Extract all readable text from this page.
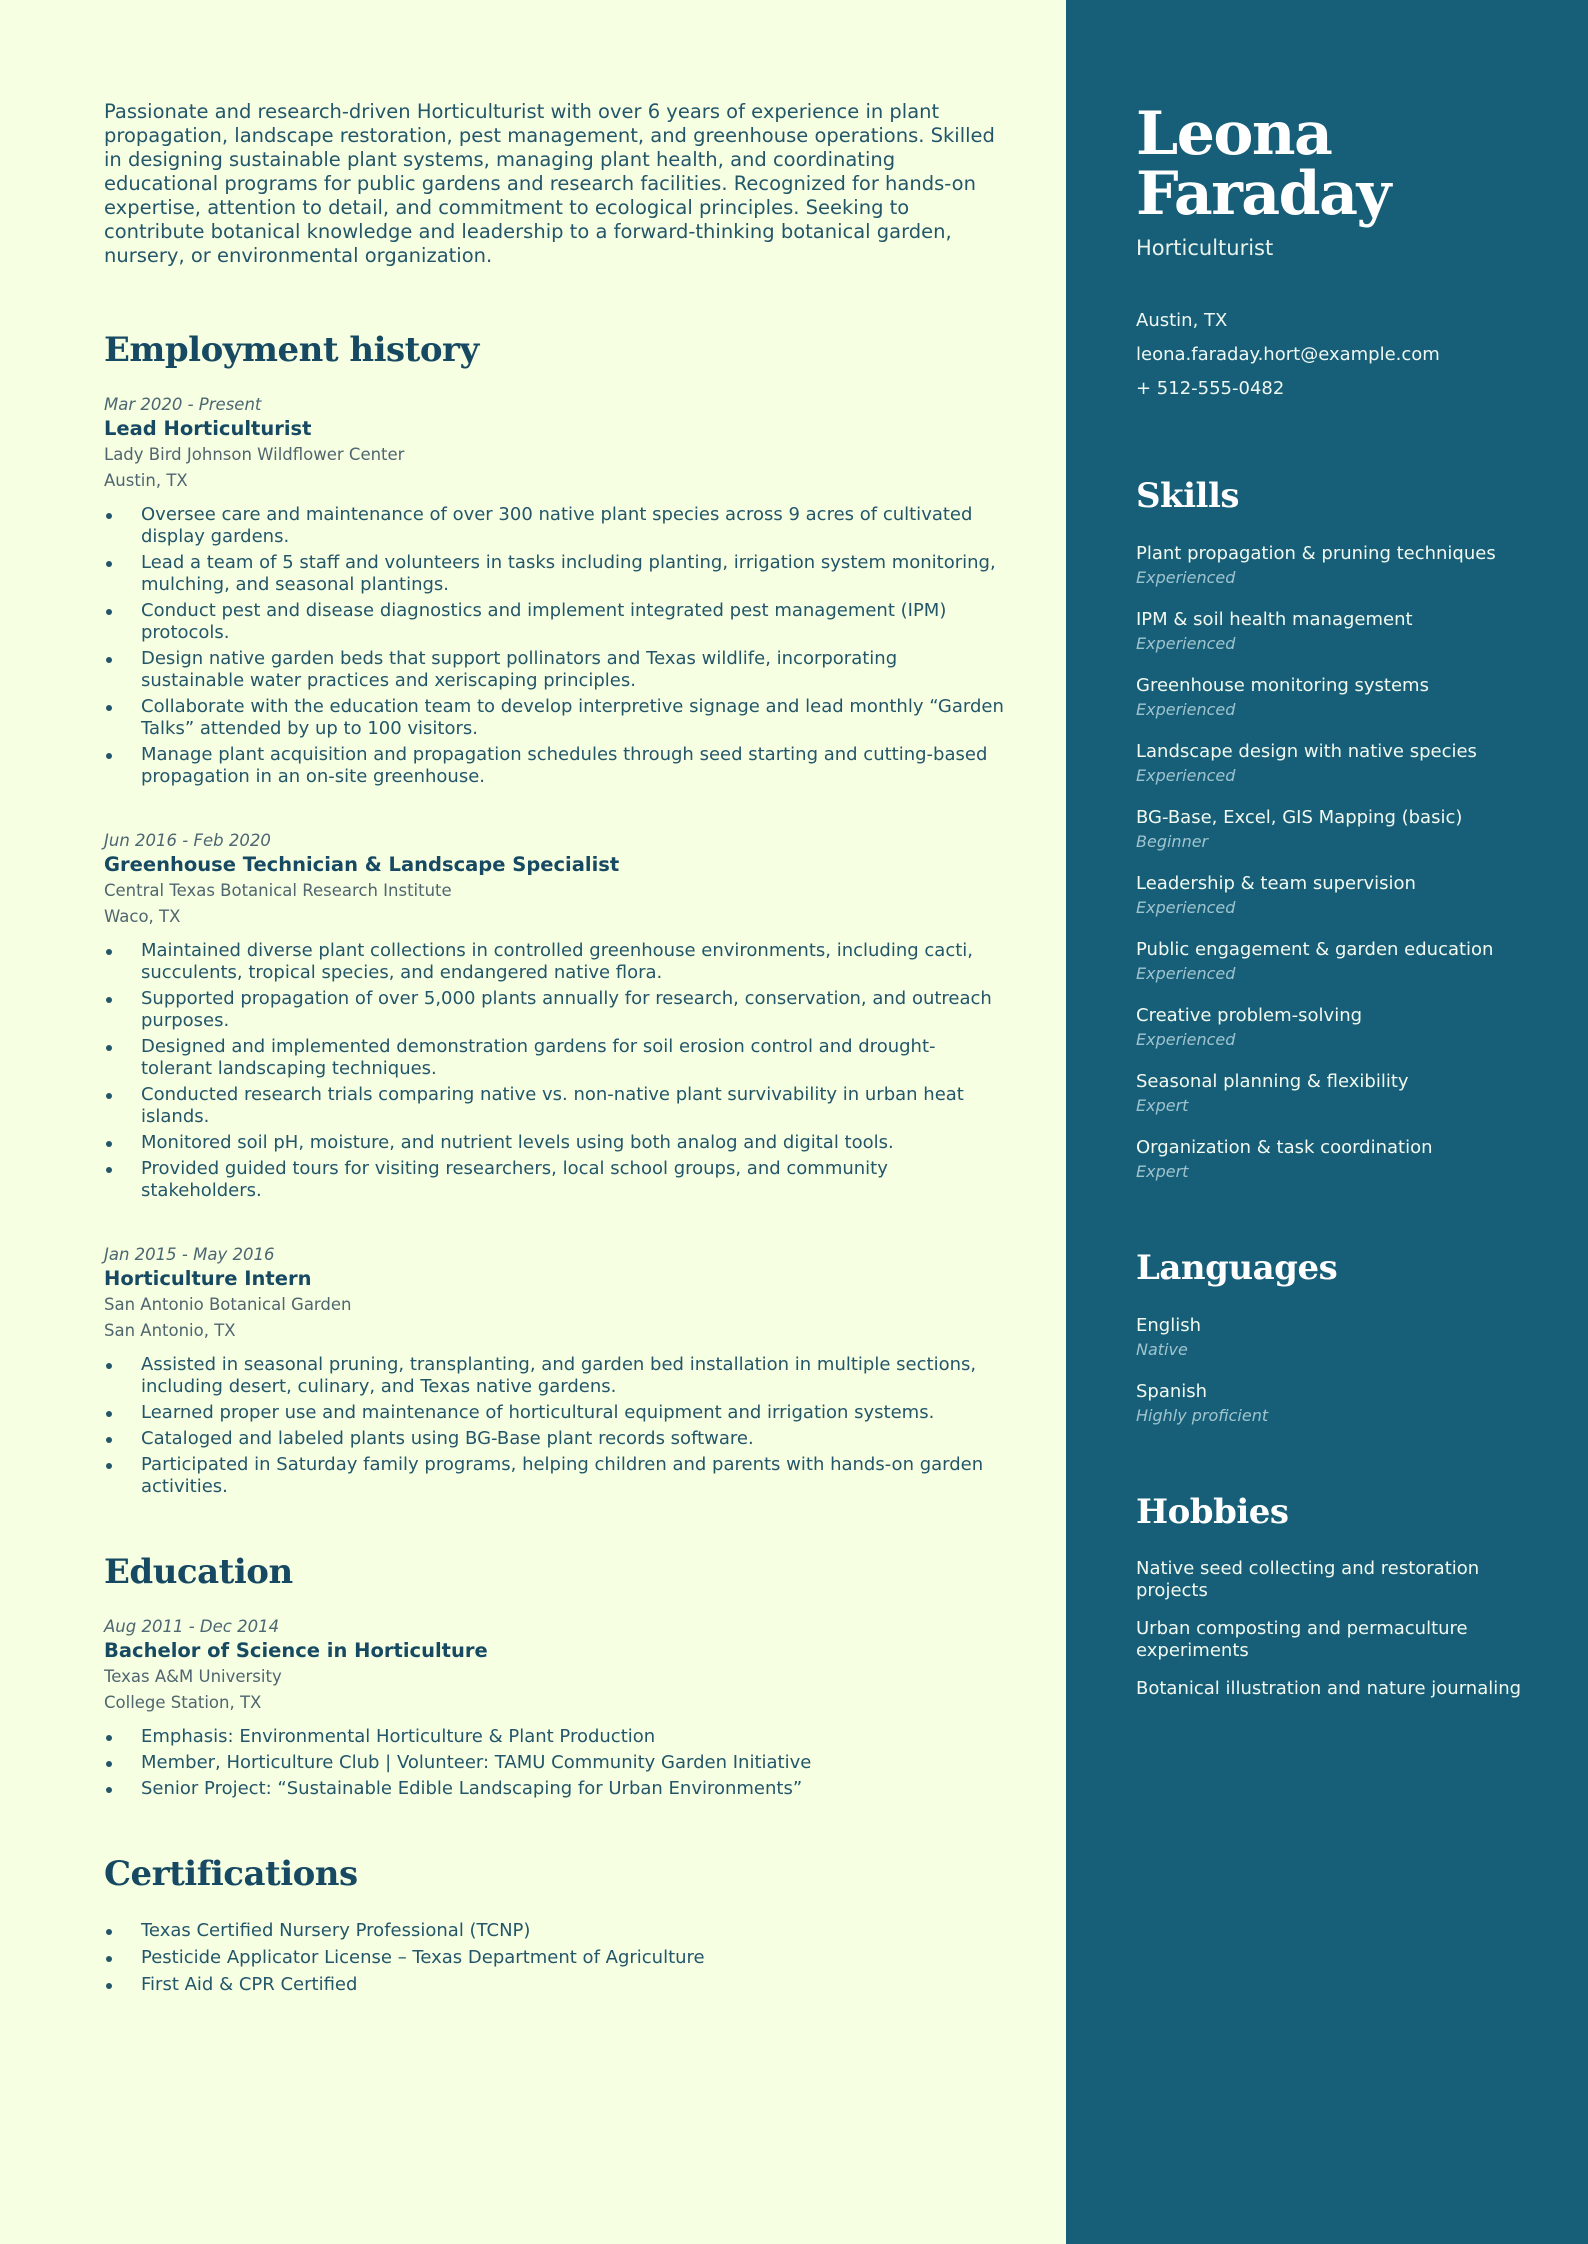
Passionate and research-driven Horticulturist with over 6 years of experience in plant propagation, landscape restoration, pest management, and greenhouse operations. Skilled in designing sustainable plant systems, managing plant health, and coordinating educational programs for public gardens and research facilities. Recognized for hands-on expertise, attention to detail, and commitment to ecological principles. Seeking to contribute botanical knowledge and leadership to a forward-thinking botanical garden, nursery, or environmental organization.

Employment history
Mar 2020 - Present
Lead Horticulturist
Lady Bird Johnson Wildflower Center
Austin, TX
Oversee care and maintenance of over 300 native plant species across 9 acres of cultivated display gardens.
Lead a team of 5 staff and volunteers in tasks including planting, irrigation system monitoring, mulching, and seasonal plantings.
Conduct pest and disease diagnostics and implement integrated pest management (IPM) protocols.
Design native garden beds that support pollinators and Texas wildlife, incorporating sustainable water practices and xeriscaping principles.
Collaborate with the education team to develop interpretive signage and lead monthly “Garden Talks” attended by up to 100 visitors.
Manage plant acquisition and propagation schedules through seed starting and cutting-based propagation in an on-site greenhouse.
Jun 2016 - Feb 2020
Greenhouse Technician & Landscape Specialist
Central Texas Botanical Research Institute
Waco, TX
Maintained diverse plant collections in controlled greenhouse environments, including cacti, succulents, tropical species, and endangered native flora.
Supported propagation of over 5,000 plants annually for research, conservation, and outreach purposes.
Designed and implemented demonstration gardens for soil erosion control and drought-tolerant landscaping techniques.
Conducted research trials comparing native vs. non-native plant survivability in urban heat islands.
Monitored soil pH, moisture, and nutrient levels using both analog and digital tools.
Provided guided tours for visiting researchers, local school groups, and community stakeholders.
Jan 2015 - May 2016
Horticulture Intern
San Antonio Botanical Garden
San Antonio, TX
Assisted in seasonal pruning, transplanting, and garden bed installation in multiple sections, including desert, culinary, and Texas native gardens.
Learned proper use and maintenance of horticultural equipment and irrigation systems.
Cataloged and labeled plants using BG-Base plant records software.
Participated in Saturday family programs, helping children and parents with hands-on garden activities.
Education
Aug 2011 - Dec 2014
Bachelor of Science in Horticulture
Texas A&M University
College Station, TX
Emphasis: Environmental Horticulture & Plant Production
Member, Horticulture Club | Volunteer: TAMU Community Garden Initiative
Senior Project: “Sustainable Edible Landscaping for Urban Environments”
Certifications
Texas Certified Nursery Professional (TCNP)
Pesticide Applicator License – Texas Department of Agriculture
First Aid & CPR Certified
Leona
Faraday
Horticulturist
Austin, TX
leona.faraday.hort@example.com
+ 512-555-0482
Skills
Plant propagation & pruning techniques
Experienced
IPM & soil health management
Experienced
Greenhouse monitoring systems
Experienced
Landscape design with native species
Experienced
BG-Base, Excel, GIS Mapping (basic)
Beginner
Leadership & team supervision
Experienced
Public engagement & garden education
Experienced
Creative problem-solving
Experienced
Seasonal planning & flexibility
Expert
Organization & task coordination
Expert
Languages
English
Native
Spanish
Highly proficient
Hobbies
Native seed collecting and restoration projects
Urban composting and permaculture experiments
Botanical illustration and nature journaling
